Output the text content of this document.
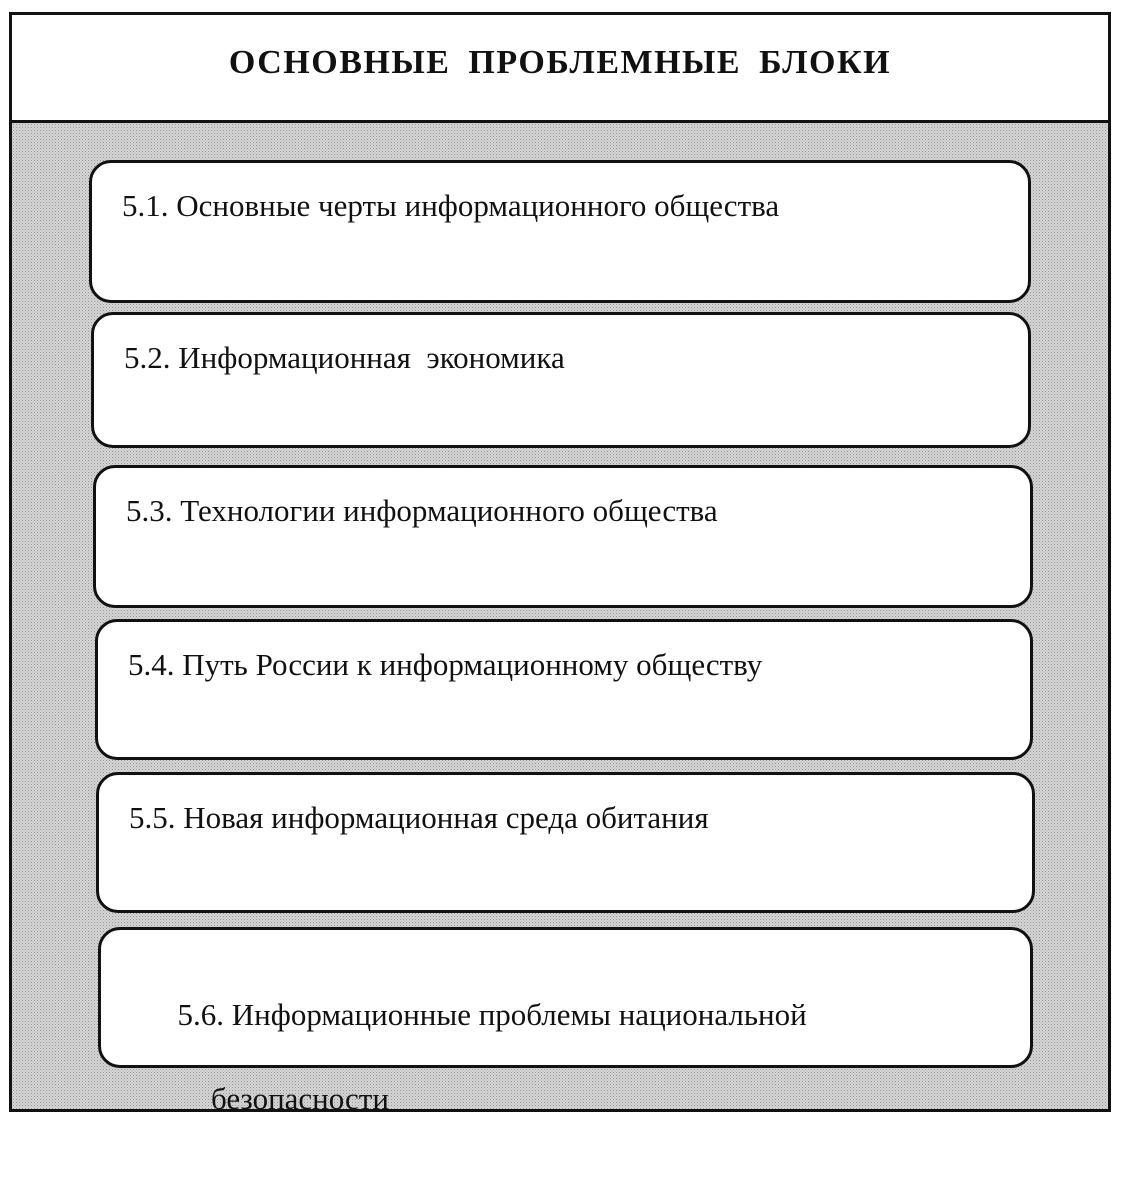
ОСНОВНЫЕ ПРОБЛЕМНЫЕ БЛОКИ
5.1. Основные черты информационного общества
5.2. Информационная  экономика
5.3. Технологии информационного общества
5.4. Путь России к информационному обществу
5.5. Новая информационная среда обитания

5.6. Информационные проблемы национальной

безопасности
